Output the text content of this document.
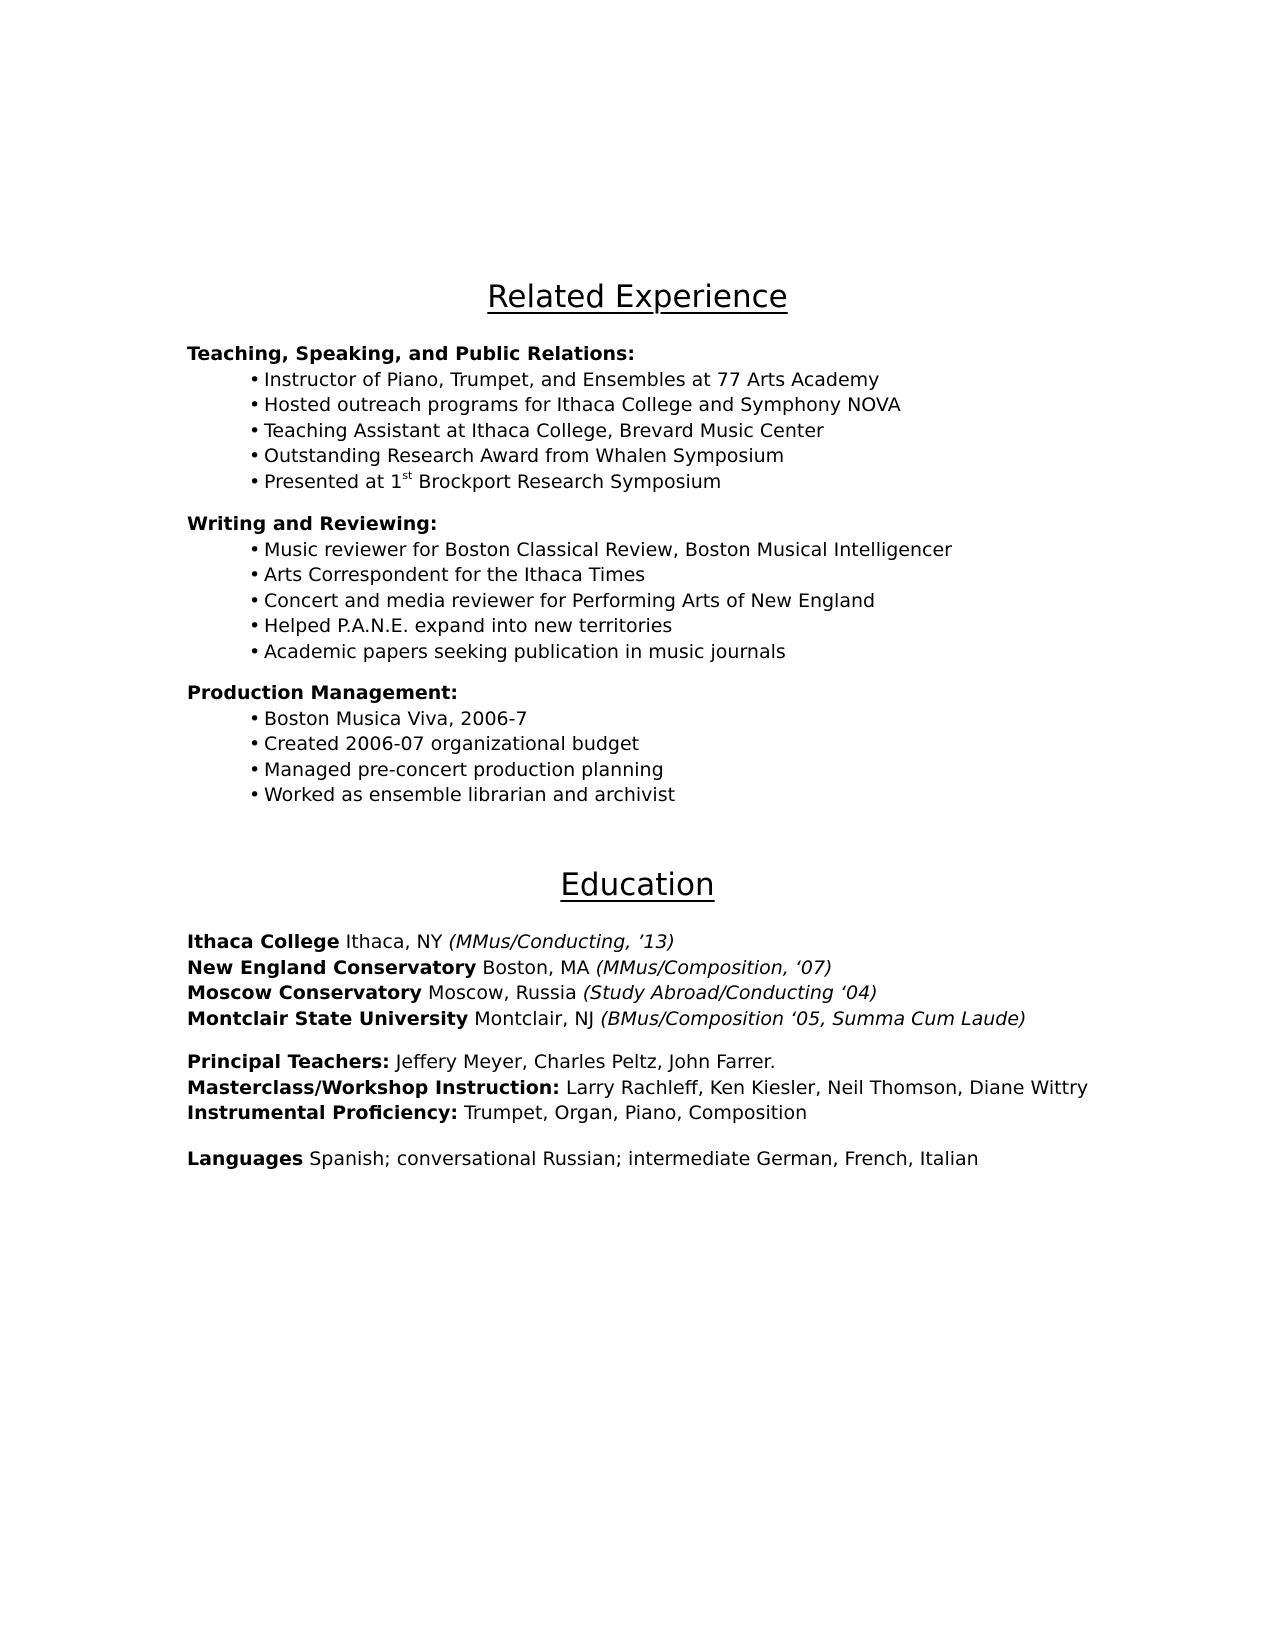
Related Experience
Teaching, Speaking, and Public Relations:
• Instructor of Piano, Trumpet, and Ensembles at 77 Arts Academy
• Hosted outreach programs for Ithaca College and Symphony NOVA
• Teaching Assistant at Ithaca College, Brevard Music Center
• Outstanding Research Award from Whalen Symposium
• Presented at 1st Brockport Research Symposium
Writing and Reviewing:
• Music reviewer for Boston Classical Review, Boston Musical Intelligencer
• Arts Correspondent for the Ithaca Times
• Concert and media reviewer for Performing Arts of New England
• Helped P.A.N.E. expand into new territories
• Academic papers seeking publication in music journals
Production Management:
• Boston Musica Viva, 2006-7
• Created 2006-07 organizational budget
• Managed pre-concert production planning
• Worked as ensemble librarian and archivist
Education
Ithaca College Ithaca, NY (MMus/Conducting, ’13)
New England Conservatory Boston, MA (MMus/Composition, ‘07)
Moscow Conservatory Moscow, Russia (Study Abroad/Conducting ‘04)
Montclair State University Montclair, NJ (BMus/Composition ‘05, Summa Cum Laude)
Principal Teachers: Jeffery Meyer, Charles Peltz, John Farrer.
Masterclass/Workshop Instruction: Larry Rachleff, Ken Kiesler, Neil Thomson, Diane Wittry
Instrumental Proficiency: Trumpet, Organ, Piano, Composition
Languages Spanish; conversational Russian; intermediate German, French, Italian
